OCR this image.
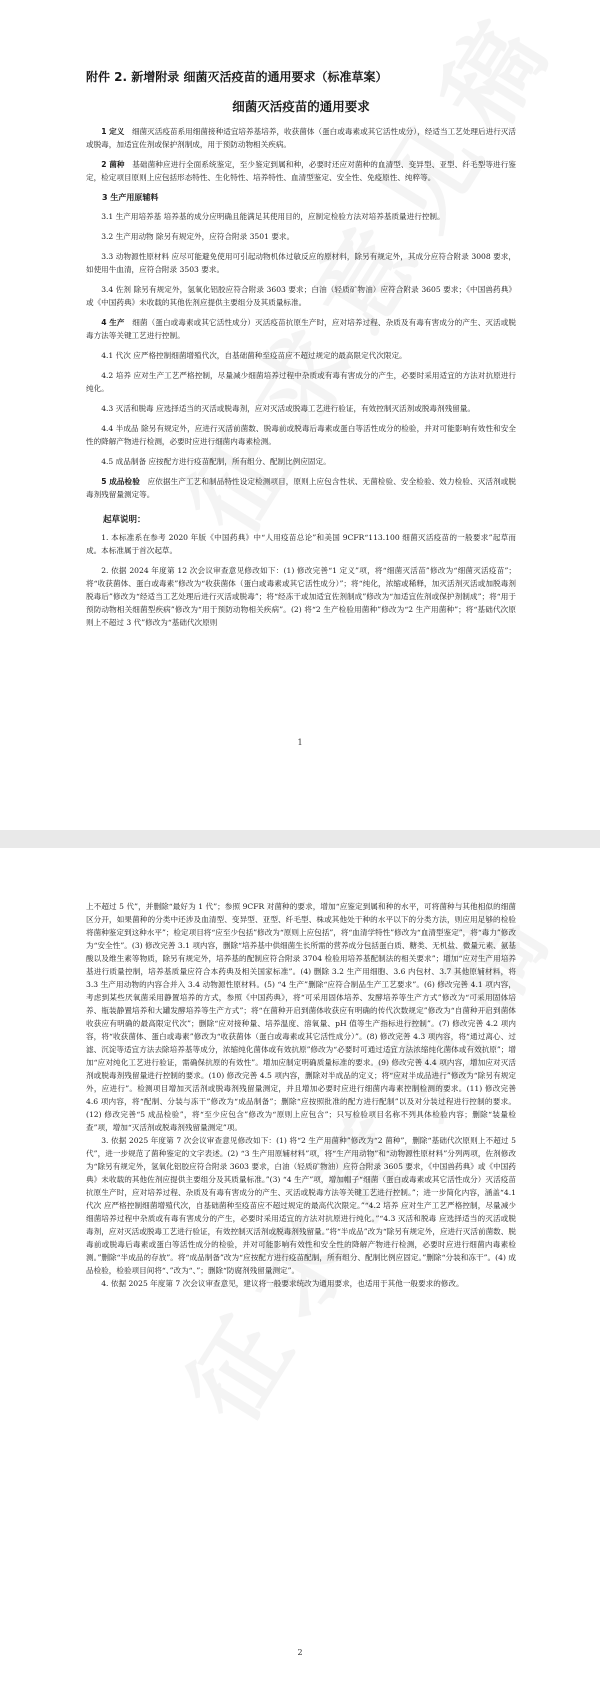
附件 2. 新增附录 细菌灭活疫苗的通用要求（标准草案）
细菌灭活疫苗的通用要求

1 定义　 细菌灭活疫苗系用细菌接种适宜培养基培养，收获菌体（蛋白或毒素或其它活性成分），经适当工艺处理后进行灭活或脱毒，加适宜佐剂或保护剂制成，用于预防动物相关疾病。

2 菌种　 基础菌种应进行全面系统鉴定，至少鉴定到属和种，必要时还应对菌种的血清型、变异型、亚型、纤毛型等进行鉴定，检定项目原则上应包括形态特性、生化特性、培养特性、血清型鉴定、安全性、免疫原性、纯粹等。

3 生产用原辅料

3.1 生产用培养基 培养基的成分应明确且能满足其使用目的，应制定检验方法对培养基质量进行控制。

3.2 生产用动物 除另有规定外，应符合附录 3501 要求。

3.3 动物源性原材料 应尽可能避免使用可引起动物机体过敏反应的原材料，除另有规定外，其成分应符合附录 3008 要求，如使用牛血清，应符合附录 3503 要求。

3.4 佐剂 除另有规定外，氢氧化铝胶应符合附录 3603 要求；白油（轻质矿物油）应符合附录 3605 要求；《中国兽药典》或《中国药典》未收载的其他佐剂应提供主要组分及其质量标准。

4 生产　 细菌（蛋白或毒素或其它活性成分）灭活疫苗抗原生产时，应对培养过程、杂质及有毒有害成分的产生、灭活或脱毒方法等关键工艺进行控制。

4.1 代次 应严格控制细菌增殖代次，自基础菌种至疫苗应不超过规定的最高限定代次限定。

4.2 培养 应对生产工艺严格控制，尽量减少细菌培养过程中杂质或有毒有害成分的产生，必要时采用适宜的方法对抗原进行纯化。

4.3 灭活和脱毒 应选择适当的灭活或脱毒剂，应对灭活或脱毒工艺进行验证，有效控制灭活剂或脱毒剂残留量。

4.4 半成品 除另有规定外，应进行灭活前菌数、脱毒前或脱毒后毒素或蛋白等活性成分的检验，并对可能影响有效性和安全性的降解产物进行检测，必要时应进行细菌内毒素检测。

4.5 成品制备 应按配方进行疫苗配制，所有组分、配制比例应固定。

5 成品检验　 应依据生产工艺和制品特性设定检测项目，原则上应包含性状、无菌检验、安全检验、效力检验、灭活剂或脱毒剂残留量测定等。

起草说明：

1. 本标准系在参考 2020 年版《中国药典》中“人用疫苗总论”和美国 9CFR“113.100 细菌灭活疫苗的一般要求”起草而成。本标准属于首次起草。

2. 依据 2024 年度第 12 次会议审查意见修改如下：(1) 修改完善“1 定义”项，将“细菌灭活苗”修改为“细菌灭活疫苗”；将“收获菌体、蛋白或毒素”修改为“收获菌体（蛋白或毒素或其它活性成分）”；将“纯化，浓缩或稀释，加灭活剂灭活或加脱毒剂脱毒后”修改为“经适当工艺处理后进行灭活或脱毒”；将“经冻干或加适宜佐剂制成”修改为“加适宜佐剂或保护剂制成”；将“用于预防动物相关细菌型疾病”修改为“用于预防动物相关疾病”。(2) 将“2 生产检验用菌种”修改为“2 生产用菌种”；将“基础代次原则上不超过 3 代”修改为“基础代次原则

1

上不超过 5 代”，并删除“最好为 1 代”；参照 9CFR 对菌种的要求，增加“应鉴定到属和种的水平，可将菌种与其他相似的细菌区分开，如果菌种的分类中还涉及血清型、变异型、亚型、纤毛型、株或其他处于种的水平以下的分类方法，则应用足够的检验将菌种鉴定到这种水平”；检定项目将“应至少包括”修改为“原则上应包括”，将“血清学特性”修改为“血清型鉴定”，将“毒力”修改为“安全性”。(3) 修改完善 3.1 项内容，删除“培养基中供细菌生长所需的营养成分包括蛋白质、糖类、无机盐、微量元素、氨基酸以及维生素等物质，除另有规定外，培养基的配制应符合附录 3704 检验用培养基配制法的相关要求”；增加“应对生产用培养基进行质量控制，培养基质量应符合本药典及相关国家标准”。(4) 删除 3.2 生产用细胞、3.6 内包材、3.7 其他原辅材料，将 3.3 生产用动物的内容合并入 3.4 动物源性原材料。(5) “4 生产”删除“应符合制品生产工艺要求”。(6) 修改完善 4.1 项内容，考虑到某些厌氧菌采用静置培养的方式，参照《中国药典》，将“可采用固体培养、发酵培养等生产方式”修改为“可采用固体培养、瓶装静置培养和大罐发酵培养等生产方式”；将“在菌种开启到菌体收获应有明确的传代次数规定”修改为“自菌种开启到菌体收获应有明确的最高限定代次”；删除“应对接种量、培养温度、溶氧量、pH 值等生产指标进行控制”。(7) 修改完善 4.2 项内容，将“收获菌体、蛋白或毒素”修改为“收获菌体（蛋白或毒素或其它活性成分）”。(8) 修改完善 4.3 项内容，将“通过离心、过滤、沉淀等适宜方法去除培养基等成分，浓缩纯化菌体或有效抗原”修改为“必要时可通过适宜方法浓缩纯化菌体或有效抗原”；增加“应对纯化工艺进行验证，需确保抗原的有效性”。增加应制定明确质量标准的要求。(9) 修改完善 4.4 项内容，增加应对灭活剂或脱毒剂残留量进行控制的要求。(10) 修改完善 4.5 项内容，删除对半成品的定义；将“应对半成品进行”修改为“除另有规定外，应进行”。检测项目增加灭活剂或脱毒剂残留量测定，并且增加必要时应进行细菌内毒素控制检测的要求。(11) 修改完善 4.6 项内容，将“配制、分装与冻干”修改为“成品制备”；删除“应按照批准的配方进行配制”以及对分装过程进行控制的要求。(12) 修改完善“5 成品检验”，将“至少应包含”修改为“原则上应包含”；只写检验项目名称不列具体检验内容；删除“装量检查”项，增加“灭活剂或脱毒剂残留量测定”项。

3. 依据 2025 年度第 7 次会议审查意见修改如下：(1) 将“2 生产用菌种”修改为“2 菌种”，删除“基础代次原则上不超过 5 代”，进一步规范了菌种鉴定的文字表述。(2) “3 生产用原辅材料”项，将“生产用动物”和“动物源性原材料”分列两项，佐剂修改为“除另有规定外，氢氧化铝胶应符合附录 3603 要求，白油（轻质矿物油）应符合附录 3605 要求，《中国兽药典》或《中国药典》未收载的其他佐剂应提供主要组分及其质量标准。”(3) “4 生产”项，增加帽子“细菌（蛋白或毒素或其它活性成分）灭活疫苗抗原生产时，应对培养过程、杂质及有毒有害成分的产生、灭活或脱毒方法等关键工艺进行控制。”；进一步简化内容，涵盖“4.1 代次 应严格控制细菌增殖代次，自基础菌种至疫苗应不超过规定的最高代次限定。”“4.2 培养 应对生产工艺严格控制，尽量减少细菌培养过程中杂质或有毒有害成分的产生，必要时采用适宜的方法对抗原进行纯化。”“4.3 灭活和脱毒 应选择适当的灭活或脱毒剂，应对灭活或脱毒工艺进行验证，有效控制灭活剂或脱毒剂残留量。”将“半成品”改为“除另有规定外，应进行灭活前菌数、脱毒前或脱毒后毒素或蛋白等活性成分的检验，并对可能影响有效性和安全性的降解产物进行检测，必要时应进行细菌内毒素检测。”删除“半成品的存放”。将“成品制备”改为“应按配方进行疫苗配制，所有组分、配制比例应固定。”删除“分装和冻干”。(4) 成品检验，检验项目间将“、”改为“、”；删除“防腐剂残留量测定”。

4. 依据 2025 年度第 7 次会议审查意见，建议将一般要求统改为通用要求，也适用于其他一般要求的修改。

2
